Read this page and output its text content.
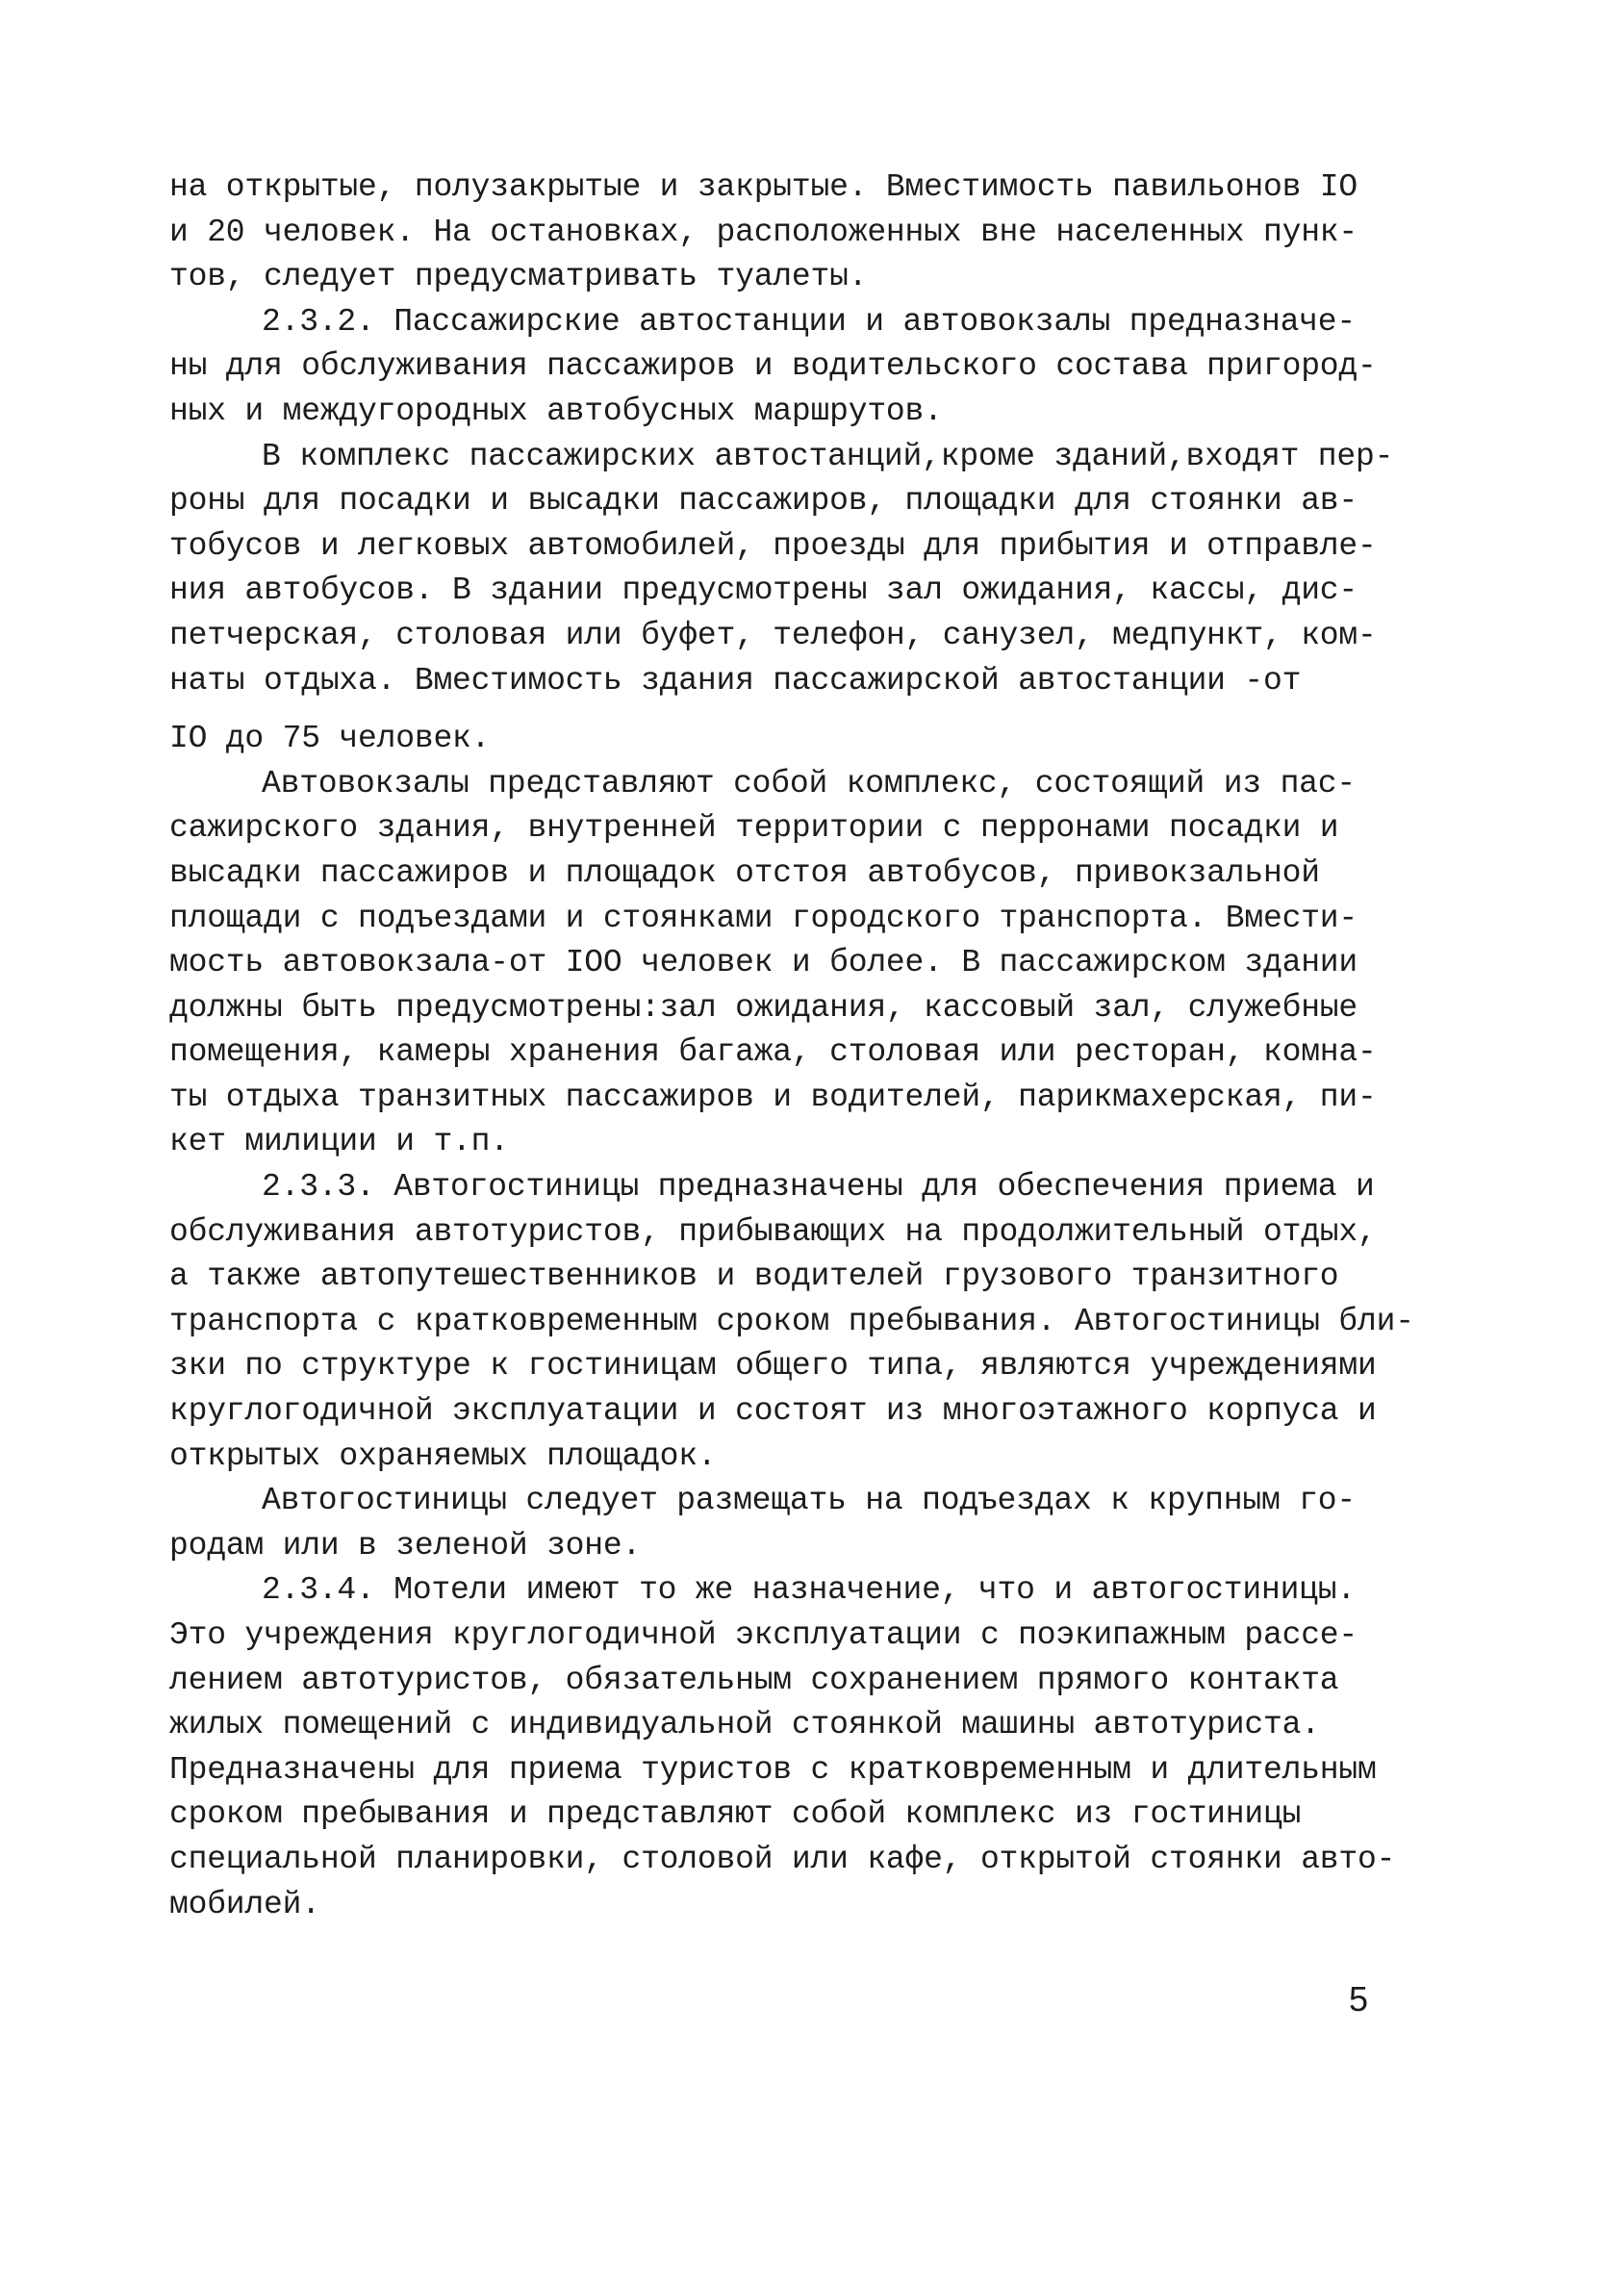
на открытые, полузакрытые и закрытые. Вместимость павильонов IO
и 20 человек. На остановках, расположенных вне населенных пунк-
тов, следует предусматривать туалеты.
2.3.2. Пассажирские автостанции и автовокзалы предназначе-
ны для обслуживания пассажиров и водительского состава пригород-
ных и междугородных автобусных маршрутов.
В комплекс пассажирских автостанций,кроме зданий,входят пер-
роны для посадки и высадки пассажиров, площадки для стоянки ав-
тобусов и легковых автомобилей, проезды для прибытия и отправле-
ния автобусов. В здании предусмотрены зал ожидания, кассы, дис-
петчерская, столовая или буфет, телефон, санузел, медпункт, ком-
наты отдыха. Вместимость здания пассажирской автостанции -от
IO до 75 человек.
Автовокзалы представляют собой комплекс, состоящий из пас-
сажирского здания, внутренней территории с перронами посадки и
высадки пассажиров и площадок отстоя автобусов, привокзальной
площади с подъездами и стоянками городского транспорта. Вмести-
мость автовокзала-от IOO человек и более. В пассажирском здании
должны быть предусмотрены:зал ожидания, кассовый зал, служебные
помещения, камеры хранения багажа, столовая или ресторан, комна-
ты отдыха транзитных пассажиров и водителей, парикмахерская, пи-
кет милиции и т.п.
2.3.3. Автогостиницы предназначены для обеспечения приема и
обслуживания автотуристов, прибывающих на продолжительный отдых,
а также автопутешественников и водителей грузового транзитного
транспорта с кратковременным сроком пребывания. Автогостиницы бли-
зки по структуре к гостиницам общего типа, являются учреждениями
круглогодичной эксплуатации и состоят из многоэтажного корпуса и
открытых охраняемых площадок.
Автогостиницы следует размещать на подъездах к крупным го-
родам или в зеленой зоне.
2.3.4. Мотели имеют то же назначение, что и автогостиницы.
Это учреждения круглогодичной эксплуатации с поэкипажным рассе-
лением автотуристов, обязательным сохранением прямого контакта
жилых помещений с индивидуальной стоянкой машины автотуриста.
Предназначены для приема туристов с кратковременным и длительным
сроком пребывания и представляют собой комплекс из гостиницы
специальной планировки, столовой или кафе, открытой стоянки авто-
мобилей.
5
